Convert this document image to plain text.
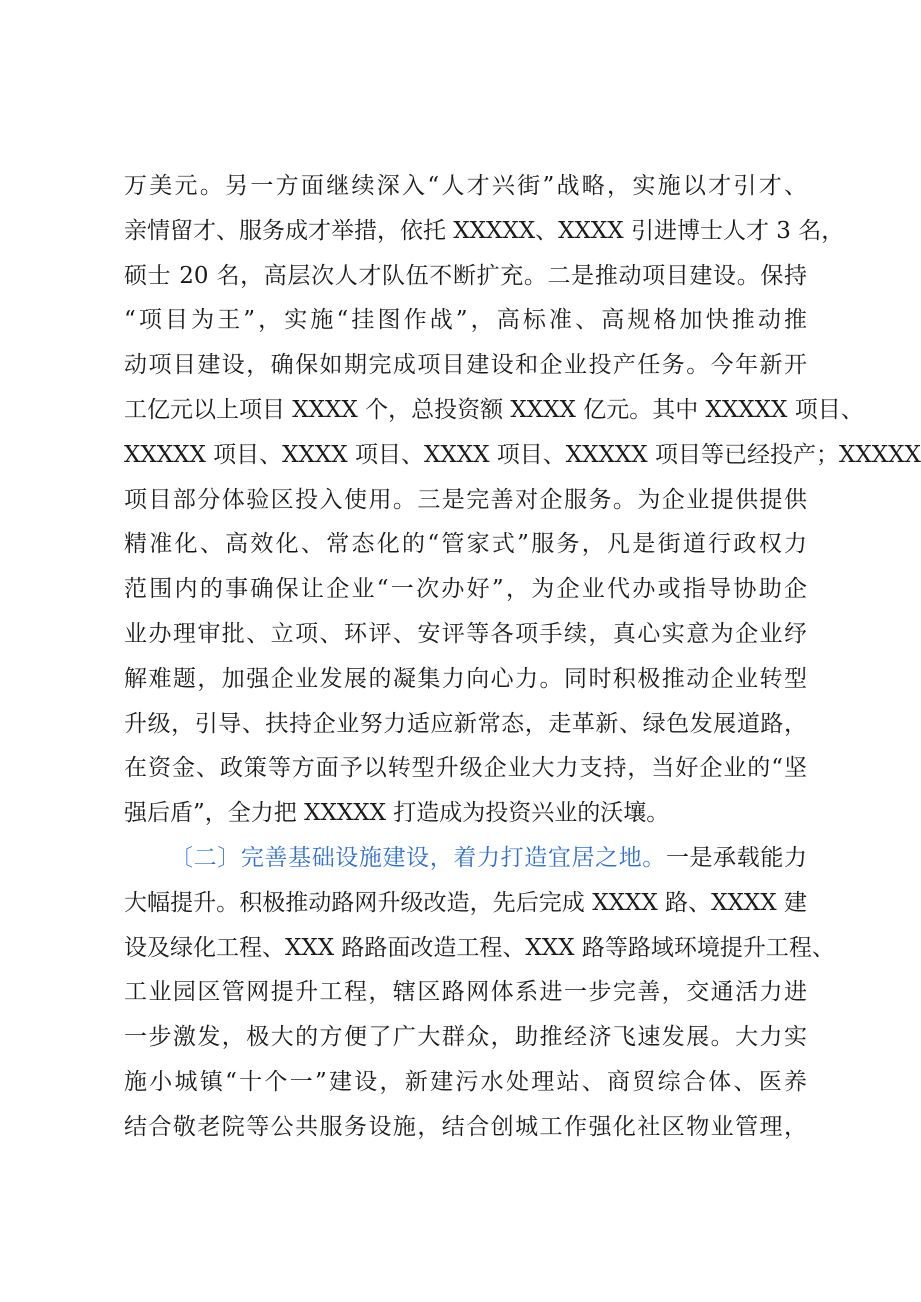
万美元。另一方面继续深入“人才兴街”战略，实施以才引才、
亲情留才、服务成才举措，依托 XXXXX、XXXX 引进博士人才 3 名，
硕士 20 名，高层次人才队伍不断扩充。二是推动项目建设。保持
“项目为王”，实施“挂图作战”，高标准、高规格加快推动推
动项目建设，确保如期完成项目建设和企业投产任务。今年新开
工亿元以上项目 XXXX 个，总投资额 XXXX 亿元。其中 XXXXX 项目、
XXXXX 项目、XXXX 项目、XXXX 项目、XXXXX 项目等已经投产；XXXXX
项目部分体验区投入使用。三是完善对企服务。为企业提供提供
精准化、高效化、常态化的“管家式”服务，凡是街道行政权力
范围内的事确保让企业“一次办好”，为企业代办或指导协助企
业办理审批、立项、环评、安评等各项手续，真心实意为企业纾
解难题，加强企业发展的凝集力向心力。同时积极推动企业转型
升级，引导、扶持企业努力适应新常态，走革新、绿色发展道路，
在资金、政策等方面予以转型升级企业大力支持，当好企业的“坚
强后盾”，全力把 XXXXX 打造成为投资兴业的沃壤。
〔二〕完善基础设施建设，着力打造宜居之地。一是承载能力
大幅提升。积极推动路网升级改造，先后完成 XXXX 路、XXXX 建
设及绿化工程、XXX 路路面改造工程、XXX 路等路域环境提升工程、
工业园区管网提升工程，辖区路网体系进一步完善，交通活力进
一步激发，极大的方便了广大群众，助推经济飞速发展。大力实
施小城镇“十个一”建设，新建污水处理站、商贸综合体、医养
结合敬老院等公共服务设施，结合创城工作强化社区物业管理，
